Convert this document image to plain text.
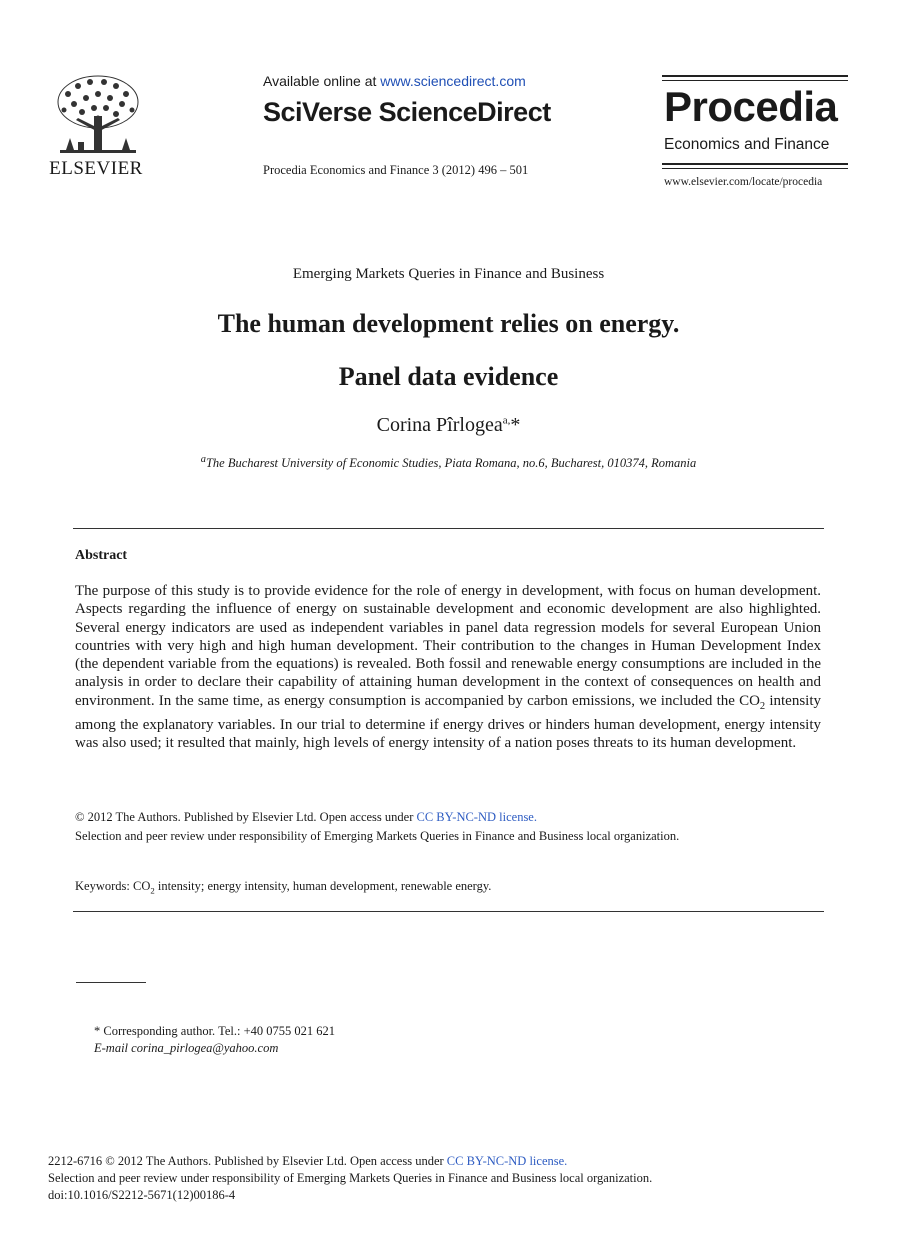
ELSEVIER
Available online at www.sciencedirect.com
SciVerse ScienceDirect
Procedia Economics and Finance 3 (2012) 496 – 501
Procedia
Economics and Finance
www.elsevier.com/locate/procedia
Emerging Markets Queries in Finance and Business
The human development relies on energy.
Panel data evidence
Corina Pîrlogea$^{a,}$*
$^a$The Bucharest University of Economic Studies, Piata Romana, no.6, Bucharest, 010374, Romania
Abstract
The purpose of this study is to provide evidence for the role of energy in development, with focus on human development. Aspects regarding the influence of energy on sustainable development and economic development are also highlighted. Several energy indicators are used as independent variables in panel data regression models for several European Union countries with very high and high human development. Their contribution to the changes in Human Development Index (the dependent variable from the equations) is revealed. Both fossil and renewable energy consumptions are included in the analysis in order to declare their capability of attaining human development in the context of consequences on health and environment. In the same time, as energy consumption is accompanied by carbon emissions, we included the $CO_2$ intensity among the explanatory variables. In our trial to determine if energy drives or hinders human development, energy intensity was also used; it resulted that mainly, high levels of energy intensity of a nation poses threats to its human development.
© 2012 The Authors. Published by Elsevier Ltd. Open access under CC BY-NC-ND license.
Selection and peer review under responsibility of Emerging Markets Queries in Finance and Business local organization.
Keywords: $CO_2$ intensity; energy intensity, human development, renewable energy.
* Corresponding author. Tel.: +40 0755 021 621
E-mail corina_pirlogea@yahoo.com
2212-6716 © 2012 The Authors. Published by Elsevier Ltd. Open access under CC BY-NC-ND license.
Selection and peer review under responsibility of Emerging Markets Queries in Finance and Business local organization.
doi:10.1016/S2212-5671(12)00186-4
